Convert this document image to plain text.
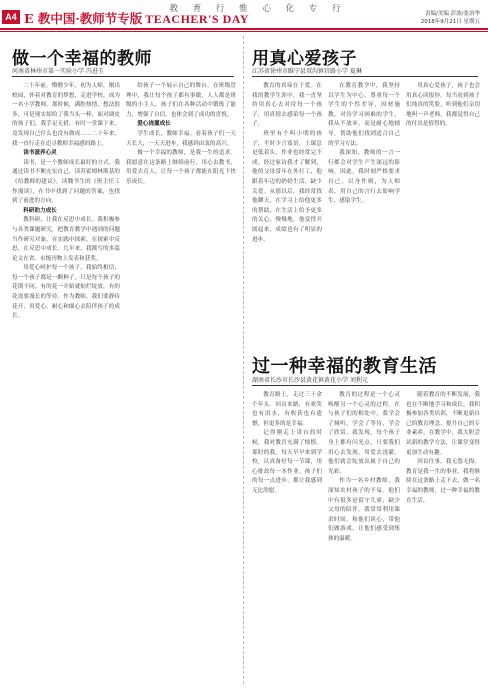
教 育 行 惟 心 化 专 行
A4 E 教中国·教师节专版 TEACHER'S DAY	责编/美编 彭波/张治华
2018年9月21日 星期五
做一个幸福的教师
河南省林州市第一实验小学 冯进玉

二十年前，懵懵少年，初为人师，刚出校园，怀着对教育的梦想，走进学校，成为一名小学教师。那时候，满腔热情，想法很多，可是现实却给了我当头一棒，面对调皮的孩子们，我手足无措，有时一堂课下来，竟发现自己什么也没有做成……二十年来，我一直行走在追寻教师幸福感的路上。

读书滋养心灵

读书，是一个教师成长最好的方式。我通过读书不断充实自己，读苏霍姆林斯基的《给教师的建议》，读魏书生的《班主任工作漫谈》，在书中找到了问题的答案，也找到了前进的方向。

科研助力成长

教科研，让我在反思中成长。我积极参与各类课题研究，把教育教学中遇到的问题当作研究对象，在实践中探索，在探索中反思，在反思中成长。几年来，我撰写的多篇论文在省、市级刊物上发表和获奖。

用爱心呵护每一个孩子。我始终相信，每一个孩子都是一颗种子，只是每个孩子的花期不同。有的花一开始就灿烂绽放，有的花需要漫长的等待。作为教师，我们要静待花开，用爱心、耐心和细心去陪伴孩子的成长。

给孩子一个展示自己的舞台。在班级管理中，我让每个孩子都有事做，人人都是班级的小主人。孩子们在各种活动中锻炼了能力，增强了自信，也体会到了成功的喜悦。

爱心浇灌成长

学生成长，教师幸福。看着孩子们一天天长大，一天天进步，我感到由衷的高兴。

做一个幸福的教师，是我一生的追求。我愿意在这条路上继续前行，用心去教书，用爱去育人，让每一个孩子都能在阳光下快乐成长。

用真心爱孩子
江苏省徐州市睢宁县双沟镇官路小学 夏琳

教育的真谛在于爱。在我的教学生涯中，我一直坚持用真心去对待每一个孩子，用真情去感染每一个孩子。

班里有个叫小明的孩子，平时少言寡语，上课总是低着头，作业也经常完不成。经过家访我才了解到，他的父母常年在外打工，他跟着年迈的奶奶生活，缺少关爱。从那以后，我经常找他聊天，在学习上给他更多的帮助，在生活上给予更多的关心。慢慢地，他变得开朗起来，成绩也有了明显的进步。

在教育教学中，我坚持以学生为中心，尊重每一个学生的个性差异，因材施教。对待学习困难的学生，我从不放弃，而是耐心地辅导，帮助他们找到适合自己的学习方法。

我深知，教师的一言一行都会对学生产生深远的影响。因此，我时刻严格要求自己，以身作则，为人师表，用自己的言行去影响学生、感染学生。

用真心爱孩子，孩子也会用真心回报你。每当看到孩子们纯真的笑脸，听到他们亲切地叫一声老师，我都觉得自己的付出是值得的。

过一种幸福的教育生活
湖南省长沙市长沙县黄花镇黄花小学 刘利元

教育路上，走过三十余个年头。回首来路，有欢笑也有泪水，有收获也有遗憾，但更多的是幸福。

记得刚走上讲台的时候，我对教育充满了憧憬。那时的我，每天早早来到学校，认真备好每一节课，用心批改每一本作业。孩子们的每一点进步，都让我感到无比欣慰。

教育的过程是一个心灵唤醒另一个心灵的过程。在与孩子们的相处中，我学会了倾听，学会了等待，学会了欣赏。我发现，每个孩子身上都有闪光点，只要我们用心去发现，用爱去浇灌，他们就会绽放出属于自己的光彩。

作为一名乡村教师，我深知农村孩子的不易。他们中有很多是留守儿童，缺少父母的陪伴。我常常利用课余时间，和他们谈心，带他们做游戏，让他们感受到集体的温暖。

随着教育的不断发展，我也在不断地学习和成长。我积极参加各类培训，不断更新自己的教育理念，提升自己的专业素养。在教学中，我大胆尝试新的教学方法，让课堂变得更加生动有趣。

回首往事，我无怨无悔。教育是我一生的事业，我将继续在这条路上走下去，做一名幸福的教师，过一种幸福的教育生活。
